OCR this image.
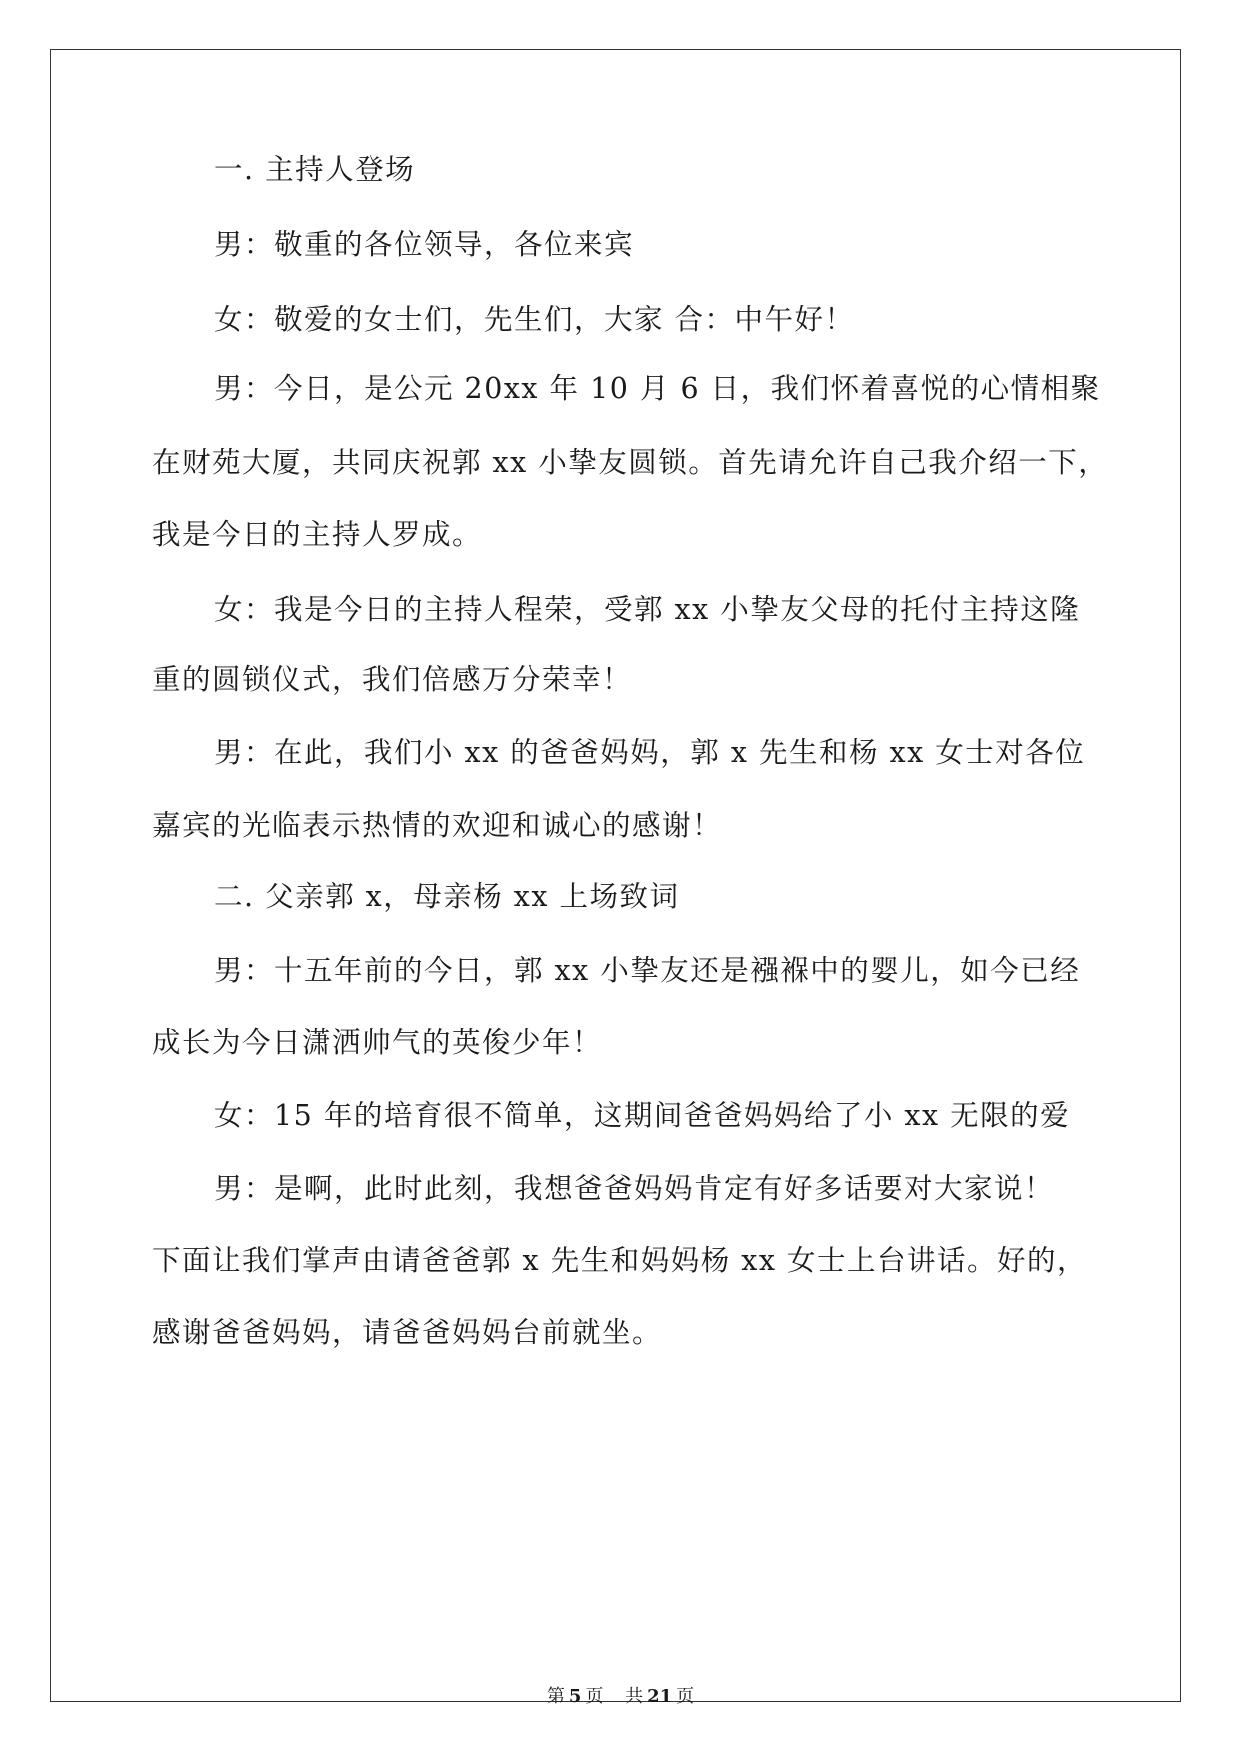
一. 主持人登场
男：敬重的各位领导，各位来宾
女：敬爱的女士们，先生们，大家 合：中午好！
男：今日，是公元 20xx 年 10 月 6 日，我们怀着喜悦的心情相聚
在财苑大厦，共同庆祝郭 xx 小挚友圆锁。首先请允许自己我介绍一下，
我是今日的主持人罗成。
女：我是今日的主持人程荣，受郭 xx 小挚友父母的托付主持这隆
重的圆锁仪式，我们倍感万分荣幸！
男：在此，我们小 xx 的爸爸妈妈，郭 x 先生和杨 xx 女士对各位
嘉宾的光临表示热情的欢迎和诚心的感谢！
二. 父亲郭 x，母亲杨 xx 上场致词
男：十五年前的今日，郭 xx 小挚友还是襁褓中的婴儿，如今已经
成长为今日潇洒帅气的英俊少年！
女：15 年的培育很不简单，这期间爸爸妈妈给了小 xx 无限的爱
男：是啊，此时此刻，我想爸爸妈妈肯定有好多话要对大家说！
下面让我们掌声由请爸爸郭 x 先生和妈妈杨 xx 女士上台讲话。好的，
感谢爸爸妈妈，请爸爸妈妈台前就坐。
第 5 页 共 21 页
